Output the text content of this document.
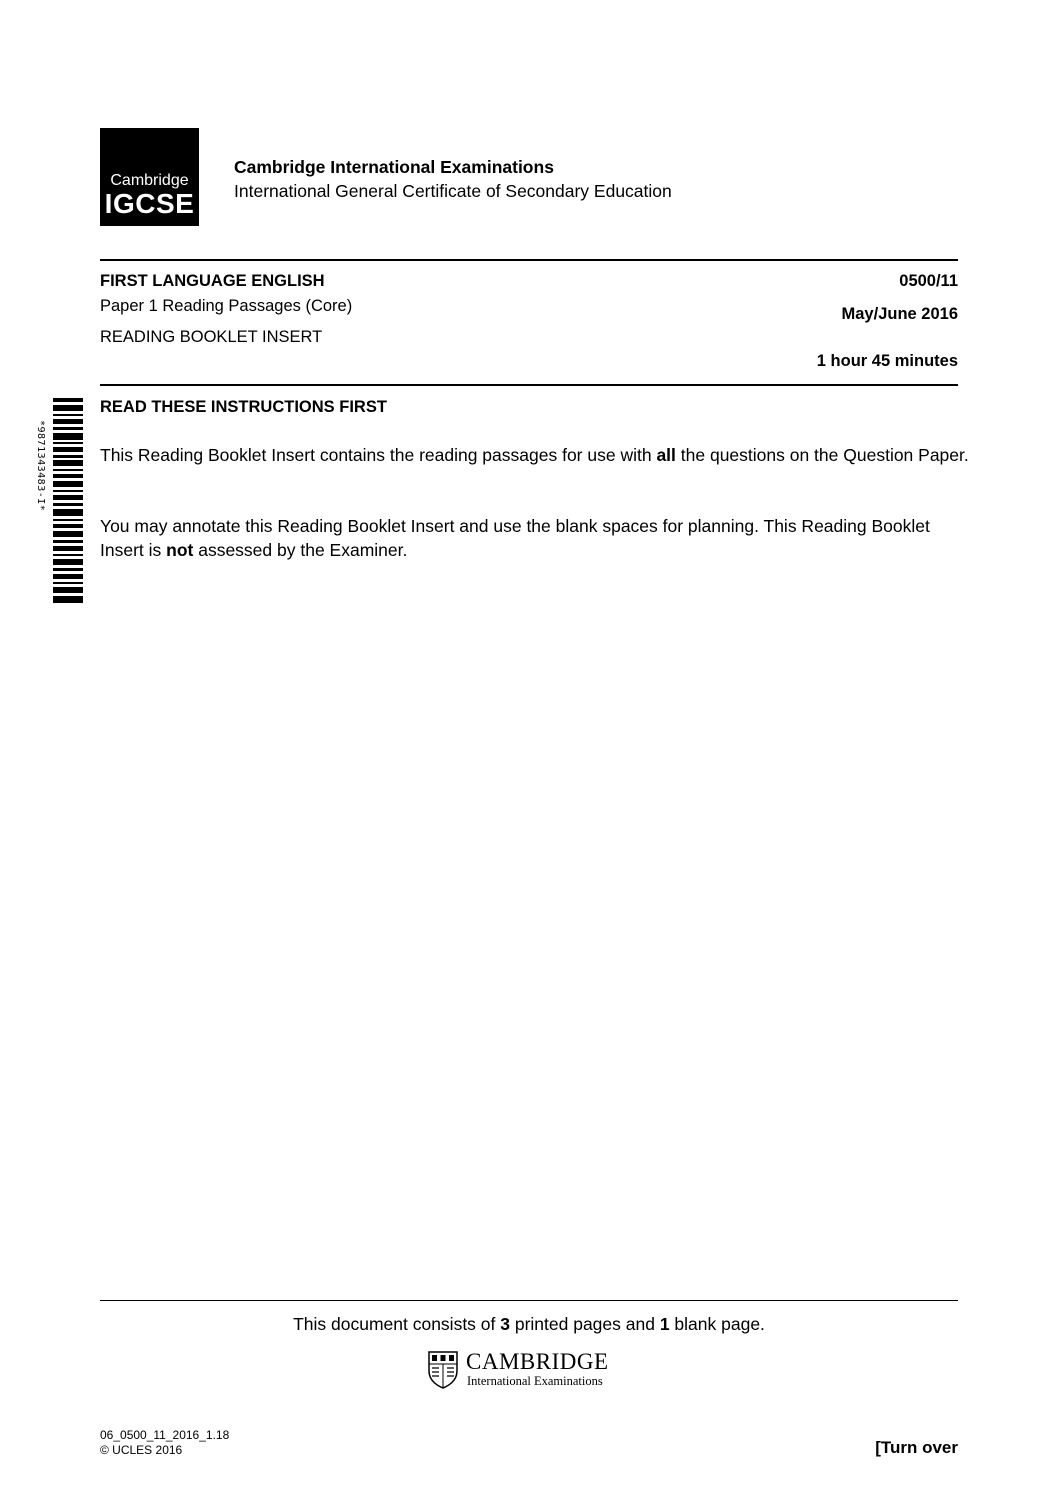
Cambridge
IGCSE
Cambridge International Examinations
International General Certificate of Secondary Education
FIRST LANGUAGE ENGLISH
Paper 1 Reading Passages (Core)
READING BOOKLET INSERT
0500/11
May/June 2016
1 hour 45 minutes
*9871343483-I*
READ THESE INSTRUCTIONS FIRST
This Reading Booklet Insert contains the reading passages for use with all the questions on the Question Paper.
You may annotate this Reading Booklet Insert and use the blank spaces for planning. This Reading Booklet Insert is not assessed by the Examiner.
This document consists of 3 printed pages and 1 blank page.
CAMBRIDGE
International Examinations
06_0500_11_2016_1.18
© UCLES 2016	[Turn over
